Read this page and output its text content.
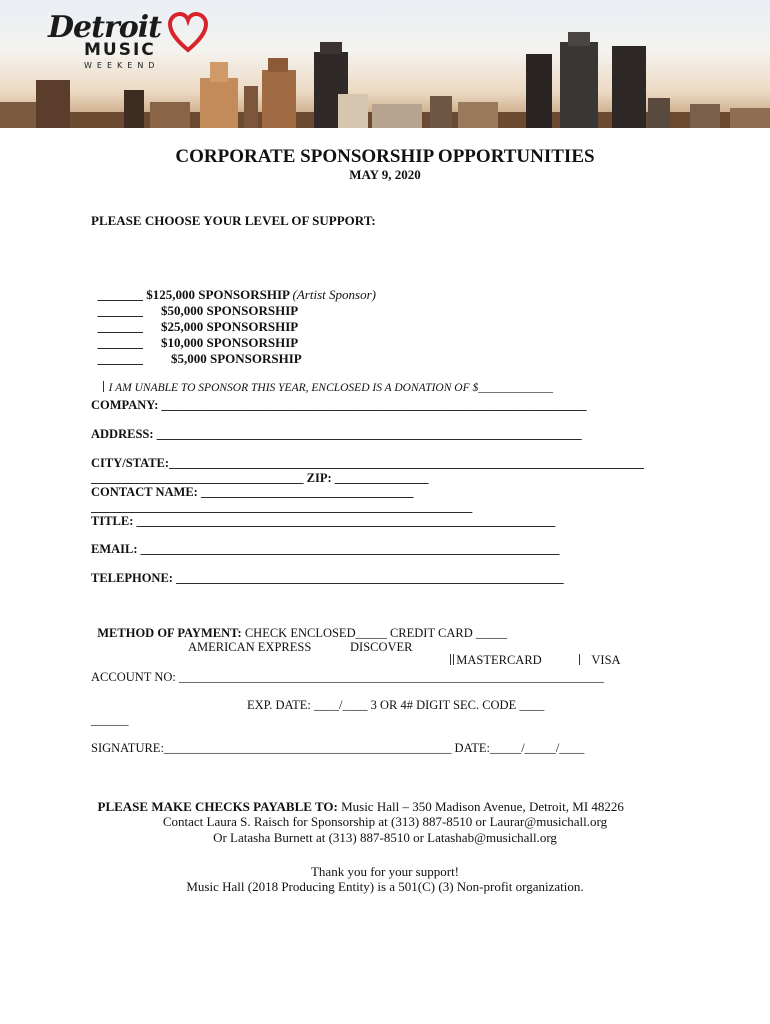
Detroit
MUSIC
WEEKEND
CORPORATE SPONSORSHIP OPPORTUNITIES
MAY 9, 2020
PLEASE CHOOSE YOUR LEVEL OF SUPPORT:

_______ $125,000 SPONSORSHIP (Artist Sponsor)

_______ $50,000 SPONSORSHIP

_______ $25,000 SPONSORSHIP

_______ $10,000 SPONSORSHIP

_______ $5,000 SPONSORSHIP

I AM UNABLE TO SPONSOR THIS YEAR, ENCLOSED IS A DONATION OF $_____________

COMPANY: ____________________________________________________________________
ADDRESS: ____________________________________________________________________
CITY/STATE:____________________________________________________________________________
__________________________________ ZIP: _______________
CONTACT NAME: __________________________________
_____________________________________________________________
TITLE: ___________________________________________________________________
EMAIL: ___________________________________________________________________
TELEPHONE: ______________________________________________________________

METHOD OF PAYMENT: CHECK ENCLOSED_____ CREDIT CARD _____

AMERICAN EXPRESS	DISCOVER

MASTERCARD	VISA

ACCOUNT NO: ____________________________________________________________________
EXP. DATE: ____/____ 3 OR 4# DIGIT SEC. CODE ____
______
SIGNATURE:______________________________________________ DATE:_____/_____/____

PLEASE MAKE CHECKS PAYABLE TO: Music Hall – 350 Madison Avenue, Detroit, MI 48226

Contact Laura S. Raisch for Sponsorship at (313) 887-8510 or Laurar@musichall.org
Or Latasha Burnett at (313) 887-8510 or Latashab@musichall.org
Thank you for your support!
Music Hall (2018 Producing Entity) is a 501(C) (3) Non-profit organization.
